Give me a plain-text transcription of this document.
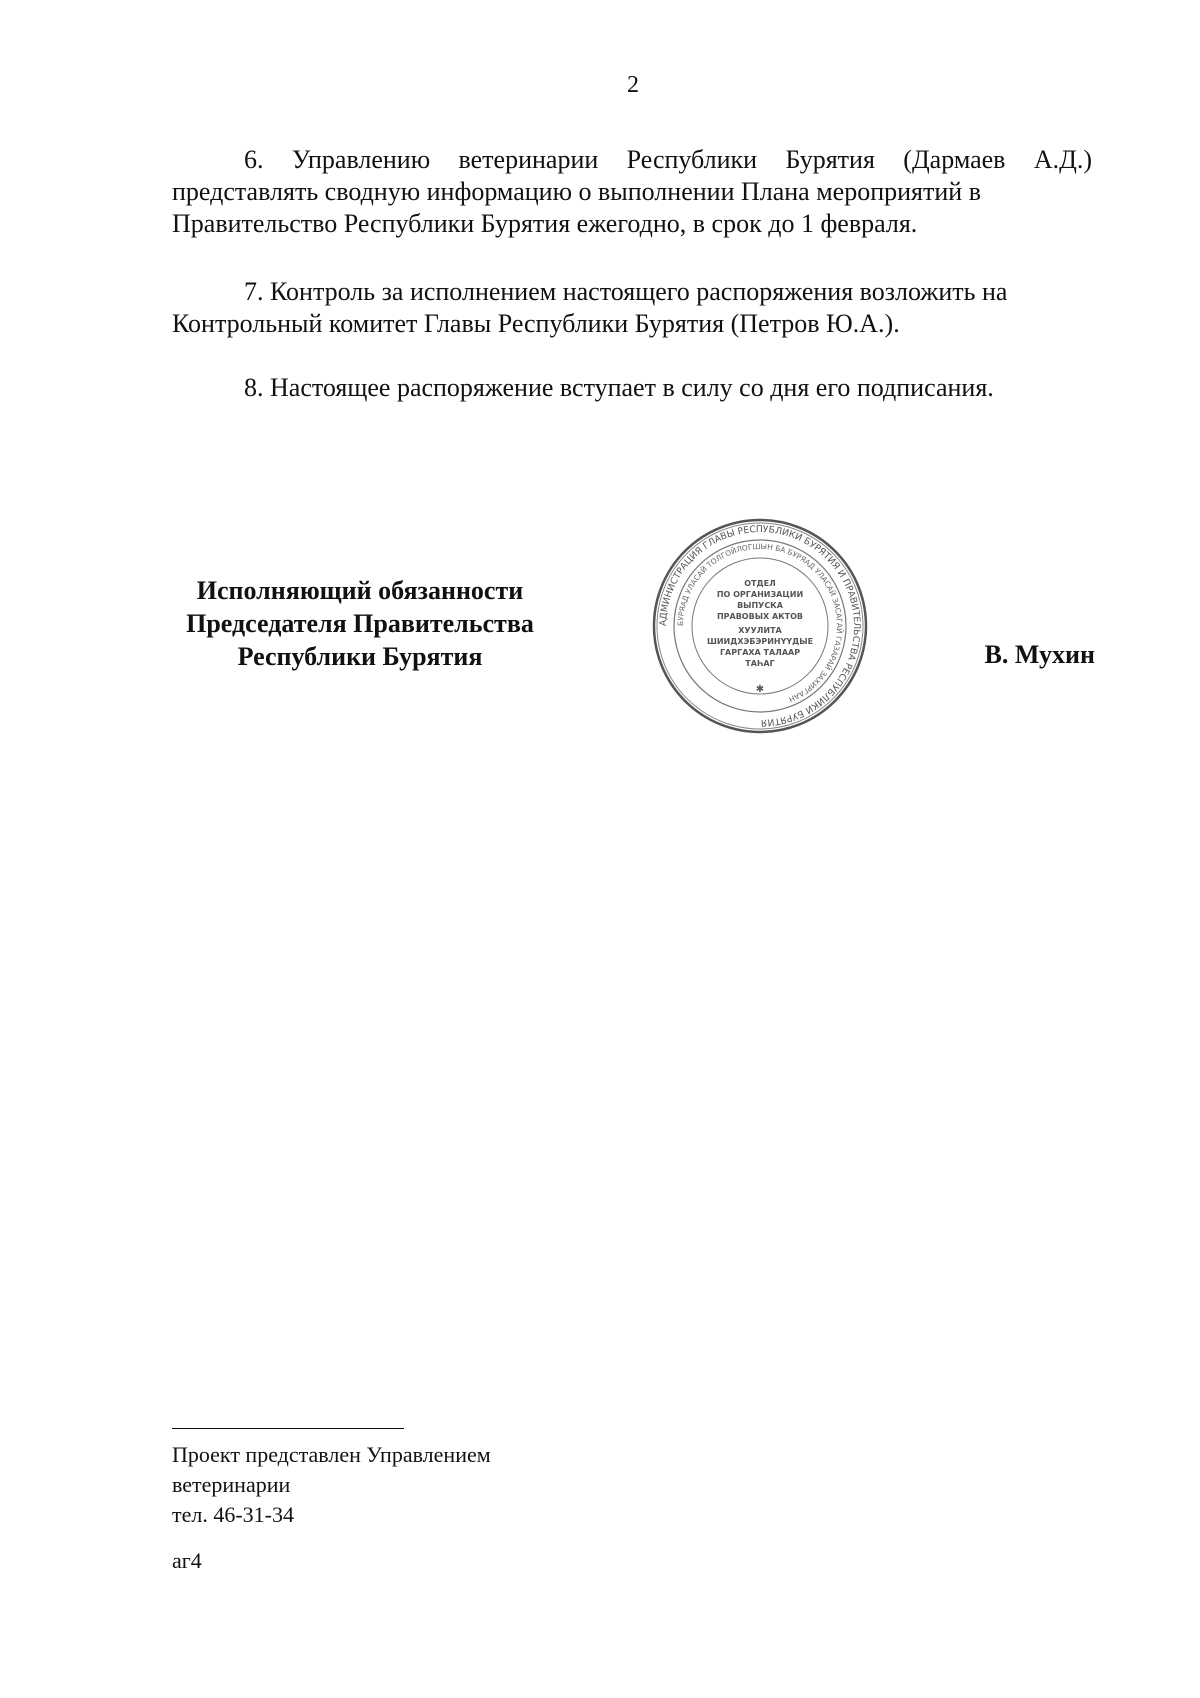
2

6. Управлению ветеринарии Республики Бурятия (Дармаев А.Д.) представлять сводную информацию о выполнении Плана мероприятий в
Правительство Республики Бурятия ежегодно, в срок до 1 февраля.

7. Контроль за исполнением настоящего распоряжения возложить на
Контрольный комитет Главы Республики Бурятия (Петров Ю.А.).

8. Настоящее распоряжение вступает в силу со дня его подписания.

Исполняющий обязанности
Председателя Правительства
Республики Бурятия
АДМИНИСТРАЦИЯ ГЛАВЫ РЕСПУБЛИКИ БУРЯТИЯ И ПРАВИТЕЛЬСТВА РЕСПУБЛИКИ БУРЯТИЯ
БУРЯАД УЛАСАЙ ТОЛГОЙЛОГШЫН БА БУРЯАД УЛАСАЙ ЗАСАГАЙ ГАЗАРАЙ ЗАХИРГААН
ОТДЕЛ
ПО ОРГАНИЗАЦИИ
ВЫПУСКА
ПРАВОВЫХ АКТОВ
ХУУЛИТА
ШИИДХЭБЭРИНҮҮДЫЕ
ГАРГАХА ТАЛААР
ТАҺАГ
✱
В. Мухин
Проект представлен Управлением
ветеринарии
тел. 46-31-34
аг4
